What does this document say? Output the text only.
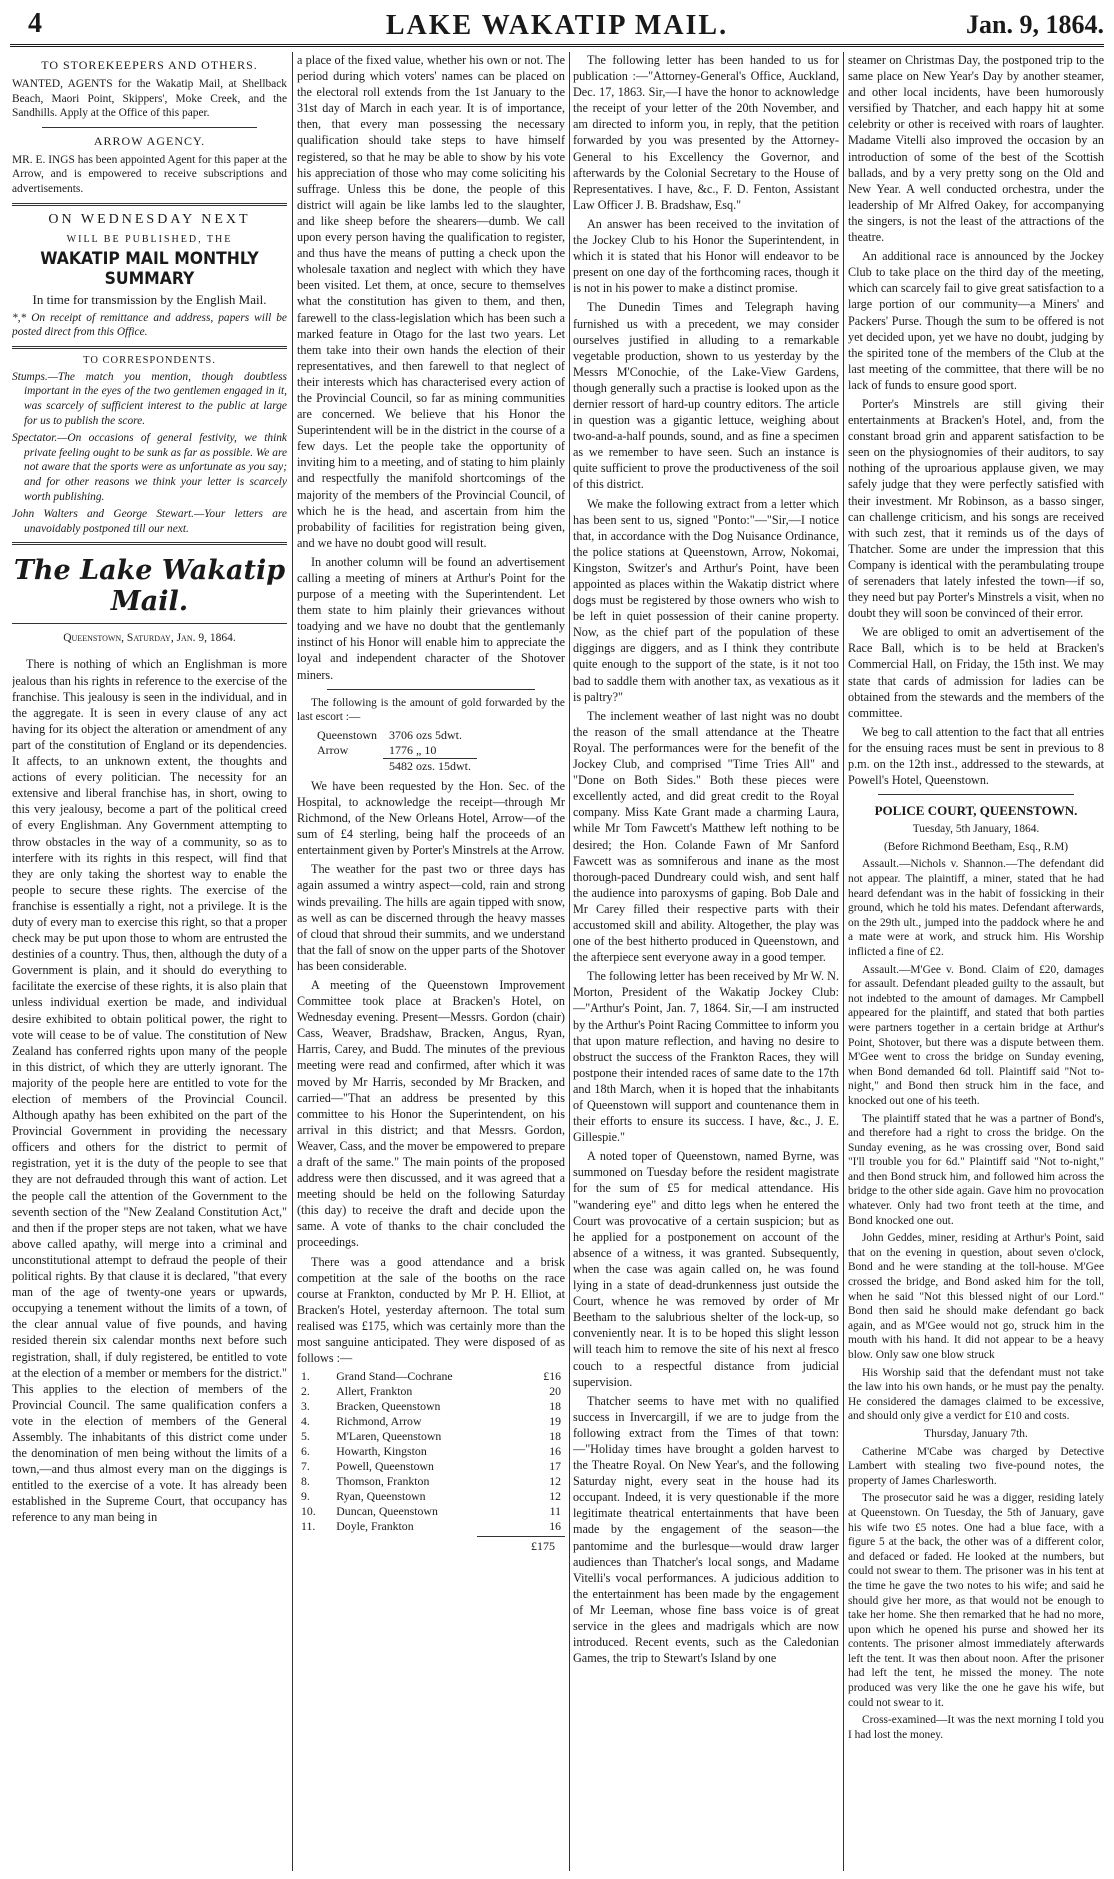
4	LAKE WAKATIP MAIL.	Jan. 9, 1864.
TO STOREKEEPERS AND OTHERS.

WANTED, AGENTS for the Wakatip Mail, at Shellback Beach, Maori Point, Skippers', Moke Creek, and the Sandhills. Apply at the Office of this paper.

ARROW AGENCY.

MR. E. INGS has been appointed Agent for this paper at the Arrow, and is empowered to receive subscriptions and advertisements.

ON WEDNESDAY NEXT
WILL BE PUBLISHED, THE
WAKATIP MAIL MONTHLY SUMMARY

In time for transmission by the English Mail.

*,* On receipt of remittance and address, papers will be posted direct from this Office.

TO CORRESPONDENTS.

Stumps.—The match you mention, though doubtless important in the eyes of the two gentlemen engaged in it, was scarcely of sufficient interest to the public at large for us to publish the score.

Spectator.—On occasions of general festivity, we think private feeling ought to be sunk as far as possible. We are not aware that the sports were as unfortunate as you say; and for other reasons we think your letter is scarcely worth publishing.

John Walters and George Stewart.—Your letters are unavoidably postponed till our next.

The Lake Wakatip Mail.

Queenstown, Saturday, Jan. 9, 1864.

There is nothing of which an Englishman is more jealous than his rights in reference to the exercise of the franchise. This jealousy is seen in the individual, and in the aggregate. It is seen in every clause of any act having for its object the alteration or amendment of any part of the constitution of England or its dependencies. It affects, to an unknown extent, the thoughts and actions of every politician. The necessity for an extensive and liberal franchise has, in short, owing to this very jealousy, become a part of the political creed of every Englishman. Any Government attempting to throw obstacles in the way of a community, so as to interfere with its rights in this respect, will find that they are only taking the shortest way to enable the people to secure these rights. The exercise of the franchise is essentially a right, not a privilege. It is the duty of every man to exercise this right, so that a proper check may be put upon those to whom are entrusted the destinies of a country. Thus, then, although the duty of a Government is plain, and it should do everything to facilitate the exercise of these rights, it is also plain that unless individual exertion be made, and individual desire exhibited to obtain political power, the right to vote will cease to be of value. The constitution of New Zealand has conferred rights upon many of the people in this district, of which they are utterly ignorant. The majority of the people here are entitled to vote for the election of members of the Provincial Council. Although apathy has been exhibited on the part of the Provincial Government in providing the necessary officers and others for the district to permit of registration, yet it is the duty of the people to see that they are not defrauded through this want of action. Let the people call the attention of the Government to the seventh section of the "New Zealand Constitution Act," and then if the proper steps are not taken, what we have above called apathy, will merge into a criminal and unconstitutional attempt to defraud the people of their political rights. By that clause it is declared, "that every man of the age of twenty-one years or upwards, occupying a tenement without the limits of a town, of the clear annual value of five pounds, and having resided therein six calendar months next before such registration, shall, if duly registered, be entitled to vote at the election of a member or members for the district." This applies to the election of members of the Provincial Council. The same qualification confers a vote in the election of members of the General Assembly. The inhabitants of this district come under the denomination of men being without the limits of a town,—and thus almost every man on the diggings is entitled to the exercise of a vote. It has already been established in the Supreme Court, that occupancy has reference to any man being in

a place of the fixed value, whether his own or not. The period during which voters' names can be placed on the electoral roll extends from the 1st January to the 31st day of March in each year. It is of importance, then, that every man possessing the necessary qualification should take steps to have himself registered, so that he may be able to show by his vote his appreciation of those who may come soliciting his suffrage. Unless this be done, the people of this district will again be like lambs led to the slaughter, and like sheep before the shearers—dumb. We call upon every person having the qualification to register, and thus have the means of putting a check upon the wholesale taxation and neglect with which they have been visited. Let them, at once, secure to themselves what the constitution has given to them, and then, farewell to the class-legislation which has been such a marked feature in Otago for the last two years. Let them take into their own hands the election of their representatives, and then farewell to that neglect of their interests which has characterised every action of the Provincial Council, so far as mining communities are concerned. We believe that his Honor the Superintendent will be in the district in the course of a few days. Let the people take the opportunity of inviting him to a meeting, and of stating to him plainly and respectfully the manifold shortcomings of the majority of the members of the Provincial Council, of which he is the head, and ascertain from him the probability of facilities for registration being given, and we have no doubt good will result.

In another column will be found an advertisement calling a meeting of miners at Arthur's Point for the purpose of a meeting with the Superintendent. Let them state to him plainly their grievances without toadying and we have no doubt that the gentlemanly instinct of his Honor will enable him to appreciate the loyal and independent character of the Shotover miners.

The following is the amount of gold forwarded by the last escort :—

Queenstown	3706 ozs 5dwt.
Arrow	1776 „ 10
	5482 ozs. 15dwt.

We have been requested by the Hon. Sec. of the Hospital, to acknowledge the receipt—through Mr Richmond, of the New Orleans Hotel, Arrow—of the sum of £4 sterling, being half the proceeds of an entertainment given by Porter's Minstrels at the Arrow.

The weather for the past two or three days has again assumed a wintry aspect—cold, rain and strong winds prevailing. The hills are again tipped with snow, as well as can be discerned through the heavy masses of cloud that shroud their summits, and we understand that the fall of snow on the upper parts of the Shotover has been considerable.

A meeting of the Queenstown Improvement Committee took place at Bracken's Hotel, on Wednesday evening. Present—Messrs. Gordon (chair) Cass, Weaver, Bradshaw, Bracken, Angus, Ryan, Harris, Carey, and Budd. The minutes of the previous meeting were read and confirmed, after which it was moved by Mr Harris, seconded by Mr Bracken, and carried—"That an address be presented by this committee to his Honor the Superintendent, on his arrival in this district; and that Messrs. Gordon, Weaver, Cass, and the mover be empowered to prepare a draft of the same." The main points of the proposed address were then discussed, and it was agreed that a meeting should be held on the following Saturday (this day) to receive the draft and decide upon the same. A vote of thanks to the chair concluded the proceedings.

There was a good attendance and a brisk competition at the sale of the booths on the race course at Frankton, conducted by Mr P. H. Elliot, at Bracken's Hotel, yesterday afternoon. The total sum realised was £175, which was certainly more than the most sanguine anticipated. They were disposed of as follows :—

1.	Grand Stand—Cochrane	£16
2.	Allert, Frankton	20
3.	Bracken, Queenstown	18
4.	Richmond, Arrow	19
5.	M'Laren, Queenstown	18
6.	Howarth, Kingston	16
7.	Powell, Queenstown	17
8.	Thomson, Frankton	12
9.	Ryan, Queenstown	12
10.	Duncan, Queenstown	11
11.	Doyle, Frankton	16
£175

The following letter has been handed to us for publication :—"Attorney-General's Office, Auckland, Dec. 17, 1863. Sir,—I have the honor to acknowledge the receipt of your letter of the 20th November, and am directed to inform you, in reply, that the petition forwarded by you was presented by the Attorney-General to his Excellency the Governor, and afterwards by the Colonial Secretary to the House of Representatives. I have, &c., F. D. Fenton, Assistant Law Officer J. B. Bradshaw, Esq."

An answer has been received to the invitation of the Jockey Club to his Honor the Superintendent, in which it is stated that his Honor will endeavor to be present on one day of the forthcoming races, though it is not in his power to make a distinct promise.

The Dunedin Times and Telegraph having furnished us with a precedent, we may consider ourselves justified in alluding to a remarkable vegetable production, shown to us yesterday by the Messrs M'Conochie, of the Lake-View Gardens, though generally such a practise is looked upon as the dernier ressort of hard-up country editors. The article in question was a gigantic lettuce, weighing about two-and-a-half pounds, sound, and as fine a specimen as we remember to have seen. Such an instance is quite sufficient to prove the productiveness of the soil of this district.

We make the following extract from a letter which has been sent to us, signed "Ponto:"—"Sir,—I notice that, in accordance with the Dog Nuisance Ordinance, the police stations at Queenstown, Arrow, Nokomai, Kingston, Switzer's and Arthur's Point, have been appointed as places within the Wakatip district where dogs must be registered by those owners who wish to be left in quiet possession of their canine property. Now, as the chief part of the population of these diggings are diggers, and as I think they contribute quite enough to the support of the state, is it not too bad to saddle them with another tax, as vexatious as it is paltry?"

The inclement weather of last night was no doubt the reason of the small attendance at the Theatre Royal. The performances were for the benefit of the Jockey Club, and comprised "Time Tries All" and "Done on Both Sides." Both these pieces were excellently acted, and did great credit to the Royal company. Miss Kate Grant made a charming Laura, while Mr Tom Fawcett's Matthew left nothing to be desired; the Hon. Colande Fawn of Mr Sanford Fawcett was as somniferous and inane as the most thorough-paced Dundreary could wish, and sent half the audience into paroxysms of gaping. Bob Dale and Mr Carey filled their respective parts with their accustomed skill and ability. Altogether, the play was one of the best hitherto produced in Queenstown, and the afterpiece sent everyone away in a good temper.

The following letter has been received by Mr W. N. Morton, President of the Wakatip Jockey Club:—"Arthur's Point, Jan. 7, 1864. Sir,—I am instructed by the Arthur's Point Racing Committee to inform you that upon mature reflection, and having no desire to obstruct the success of the Frankton Races, they will postpone their intended races of same date to the 17th and 18th March, when it is hoped that the inhabitants of Queenstown will support and countenance them in their efforts to ensure its success. I have, &c., J. E. Gillespie."

A noted toper of Queenstown, named Byrne, was summoned on Tuesday before the resident magistrate for the sum of £5 for medical attendance. His "wandering eye" and ditto legs when he entered the Court was provocative of a certain suspicion; but as he applied for a postponement on account of the absence of a witness, it was granted. Subsequently, when the case was again called on, he was found lying in a state of dead-drunkenness just outside the Court, whence he was removed by order of Mr Beetham to the salubrious shelter of the lock-up, so conveniently near. It is to be hoped this slight lesson will teach him to remove the site of his next al fresco couch to a respectful distance from judicial supervision.

Thatcher seems to have met with no qualified success in Invercargill, if we are to judge from the following extract from the Times of that town:—"Holiday times have brought a golden harvest to the Theatre Royal. On New Year's, and the following Saturday night, every seat in the house had its occupant. Indeed, it is very questionable if the more legitimate theatrical entertainments that have been made by the engagement of the season—the pantomime and the burlesque—would draw larger audiences than Thatcher's local songs, and Madame Vitelli's vocal performances. A judicious addition to the entertainment has been made by the engagement of Mr Leeman, whose fine bass voice is of great service in the glees and madrigals which are now introduced. Recent events, such as the Caledonian Games, the trip to Stewart's Island by one

steamer on Christmas Day, the postponed trip to the same place on New Year's Day by another steamer, and other local incidents, have been humorously versified by Thatcher, and each happy hit at some celebrity or other is received with roars of laughter. Madame Vitelli also improved the occasion by an introduction of some of the best of the Scottish ballads, and by a very pretty song on the Old and New Year. A well conducted orchestra, under the leadership of Mr Alfred Oakey, for accompanying the singers, is not the least of the attractions of the theatre.

An additional race is announced by the Jockey Club to take place on the third day of the meeting, which can scarcely fail to give great satisfaction to a large portion of our community—a Miners' and Packers' Purse. Though the sum to be offered is not yet decided upon, yet we have no doubt, judging by the spirited tone of the members of the Club at the last meeting of the committee, that there will be no lack of funds to ensure good sport.

Porter's Minstrels are still giving their entertainments at Bracken's Hotel, and, from the constant broad grin and apparent satisfaction to be seen on the physiognomies of their auditors, to say nothing of the uproarious applause given, we may safely judge that they were perfectly satisfied with their investment. Mr Robinson, as a basso singer, can challenge criticism, and his songs are received with such zest, that it reminds us of the days of Thatcher. Some are under the impression that this Company is identical with the perambulating troupe of serenaders that lately infested the town—if so, they need but pay Porter's Minstrels a visit, when no doubt they will soon be convinced of their error.

We are obliged to omit an advertisement of the Race Ball, which is to be held at Bracken's Commercial Hall, on Friday, the 15th inst. We may state that cards of admission for ladies can be obtained from the stewards and the members of the committee.

We beg to call attention to the fact that all entries for the ensuing races must be sent in previous to 8 p.m. on the 12th inst., addressed to the stewards, at Powell's Hotel, Queenstown.

POLICE COURT, QUEENSTOWN.

Tuesday, 5th January, 1864.

(Before Richmond Beetham, Esq., R.M)

Assault.—Nichols v. Shannon.—The defendant did not appear. The plaintiff, a miner, stated that he had heard defendant was in the habit of fossicking in their ground, which he told his mates. Defendant afterwards, on the 29th ult., jumped into the paddock where he and a mate were at work, and struck him. His Worship inflicted a fine of £2.

Assault.—M'Gee v. Bond. Claim of £20, damages for assault. Defendant pleaded guilty to the assault, but not indebted to the amount of damages. Mr Campbell appeared for the plaintiff, and stated that both parties were partners together in a certain bridge at Arthur's Point, Shotover, but there was a dispute between them. M'Gee went to cross the bridge on Sunday evening, when Bond demanded 6d toll. Plaintiff said "Not to-night," and Bond then struck him in the face, and knocked out one of his teeth.

The plaintiff stated that he was a partner of Bond's, and therefore had a right to cross the bridge. On the Sunday evening, as he was crossing over, Bond said "I'll trouble you for 6d." Plaintiff said "Not to-night," and then Bond struck him, and followed him across the bridge to the other side again. Gave him no provocation whatever. Only had two front teeth at the time, and Bond knocked one out.

John Geddes, miner, residing at Arthur's Point, said that on the evening in question, about seven o'clock, Bond and he were standing at the toll-house. M'Gee crossed the bridge, and Bond asked him for the toll, when he said "Not this blessed night of our Lord." Bond then said he should make defendant go back again, and as M'Gee would not go, struck him in the mouth with his hand. It did not appear to be a heavy blow. Only saw one blow struck

His Worship said that the defendant must not take the law into his own hands, or he must pay the penalty. He considered the damages claimed to be excessive, and should only give a verdict for £10 and costs.

Thursday, January 7th.

Catherine M'Cabe was charged by Detective Lambert with stealing two five-pound notes, the property of James Charlesworth.

The prosecutor said he was a digger, residing lately at Queenstown. On Tuesday, the 5th of January, gave his wife two £5 notes. One had a blue face, with a figure 5 at the back, the other was of a different color, and defaced or faded. He looked at the numbers, but could not swear to them. The prisoner was in his tent at the time he gave the two notes to his wife; and said he should give her more, as that would not be enough to take her home. She then remarked that he had no more, upon which he opened his purse and showed her its contents. The prisoner almost immediately afterwards left the tent. It was then about noon. After the prisoner had left the tent, he missed the money. The note produced was very like the one he gave his wife, but could not swear to it.

Cross-examined—It was the next morning I told you I had lost the money.
